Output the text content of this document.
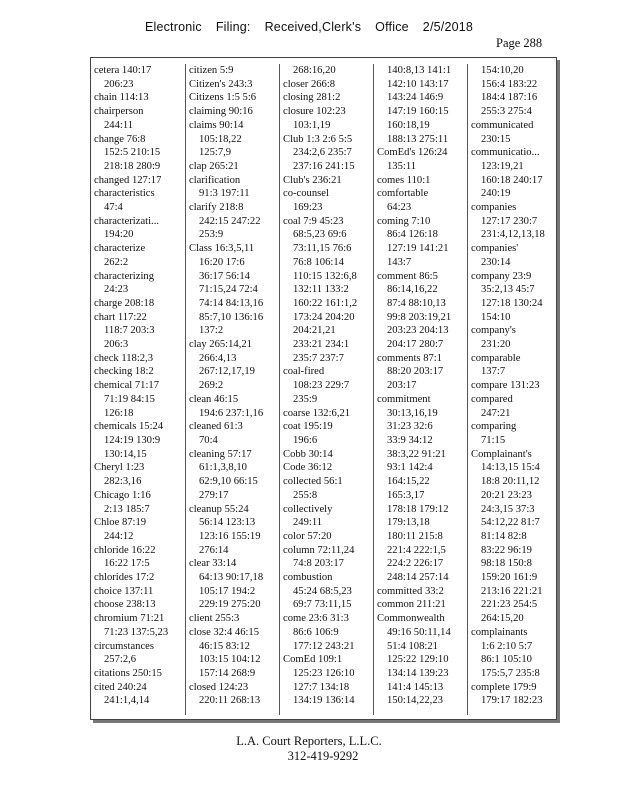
Electronic Filing: Received,Clerk's Office 2/5/2018
Page 288
cetera 140:17
206:23
chain 114:13
chairperson
244:11
change 76:8
152:5 210:15
218:18 280:9
changed 127:17
characteristics
47:4
characterizati...
194:20
characterize
262:2
characterizing
24:23
charge 208:18
chart 117:22
118:7 203:3
206:3
check 118:2,3
checking 18:2
chemical 71:17
71:19 84:15
126:18
chemicals 15:24
124:19 130:9
130:14,15
Cheryl 1:23
282:3,16
Chicago 1:16
2:13 185:7
Chloe 87:19
244:12
chloride 16:22
16:22 17:5
chlorides 17:2
choice 137:11
choose 238:13
chromium 71:21
71:23 137:5,23
circumstances
257:2,6
citations 250:15
cited 240:24
241:1,4,14
citizen 5:9
Citizen's 243:3
Citizens 1:5 5:6
claiming 90:16
claims 90:14
105:18,22
125:7,9
clap 265:21
clarification
91:3 197:11
clarify 218:8
242:15 247:22
253:9
Class 16:3,5,11
16:20 17:6
36:17 56:14
71:15,24 72:4
74:14 84:13,16
85:7,10 136:16
137:2
clay 265:14,21
266:4,13
267:12,17,19
269:2
clean 46:15
194:6 237:1,16
cleaned 61:3
70:4
cleaning 57:17
61:1,3,8,10
62:9,10 66:15
279:17
cleanup 55:24
56:14 123:13
123:16 155:19
276:14
clear 33:14
64:13 90:17,18
105:17 194:2
229:19 275:20
client 255:3
close 32:4 46:15
46:15 83:12
103:15 104:12
157:14 268:9
closed 124:23
220:11 268:13
268:16,20
closer 266:8
closing 281:2
closure 102:23
103:1,19
Club 1:3 2:6 5:5
234:2,6 235:7
237:16 241:15
Club's 236:21
co-counsel
169:23
coal 7:9 45:23
68:5,23 69:6
73:11,15 76:6
76:8 106:14
110:15 132:6,8
132:11 133:2
160:22 161:1,2
173:24 204:20
204:21,21
233:21 234:1
235:7 237:7
coal-fired
108:23 229:7
235:9
coarse 132:6,21
coat 195:19
196:6
Cobb 30:14
Code 36:12
collected 56:1
255:8
collectively
249:11
color 57:20
column 72:11,24
74:8 203:17
combustion
45:24 68:5,23
69:7 73:11,15
come 23:6 31:3
86:6 106:9
177:12 243:21
ComEd 109:1
125:23 126:10
127:7 134:18
134:19 136:14
140:8,13 141:1
142:10 143:17
143:24 146:9
147:19 160:15
160:18,19
188:13 275:11
ComEd's 126:24
135:11
comes 110:1
comfortable
64:23
coming 7:10
86:4 126:18
127:19 141:21
143:7
comment 86:5
86:14,16,22
87:4 88:10,13
99:8 203:19,21
203:23 204:13
204:17 280:7
comments 87:1
88:20 203:17
203:17
commitment
30:13,16,19
31:23 32:6
33:9 34:12
38:3,22 91:21
93:1 142:4
164:15,22
165:3,17
178:18 179:12
179:13,18
180:11 215:8
221:4 222:1,5
224:2 226:17
248:14 257:14
committed 33:2
common 211:21
Commonwealth
49:16 50:11,14
51:4 108:21
125:22 129:10
134:14 139:23
141:4 145:13
150:14,22,23
154:10,20
156:4 183:22
184:4 187:16
255:3 275:4
communicated
230:15
communicatio...
123:19,21
160:18 240:17
240:19
companies
127:17 230:7
231:4,12,13,18
companies'
230:14
company 23:9
35:2,13 45:7
127:18 130:24
154:10
company's
231:20
comparable
137:7
compare 131:23
compared
247:21
comparing
71:15
Complainant's
14:13,15 15:4
18:8 20:11,12
20:21 23:23
24:3,15 37:3
54:12,22 81:7
81:14 82:8
83:22 96:19
98:18 150:8
159:20 161:9
213:16 221:21
221:23 254:5
264:15,20
complainants
1:6 2:10 5:7
86:1 105:10
175:5,7 235:8
complete 179:9
179:17 182:23
L.A. Court Reporters, L.L.C.
312-419-9292
